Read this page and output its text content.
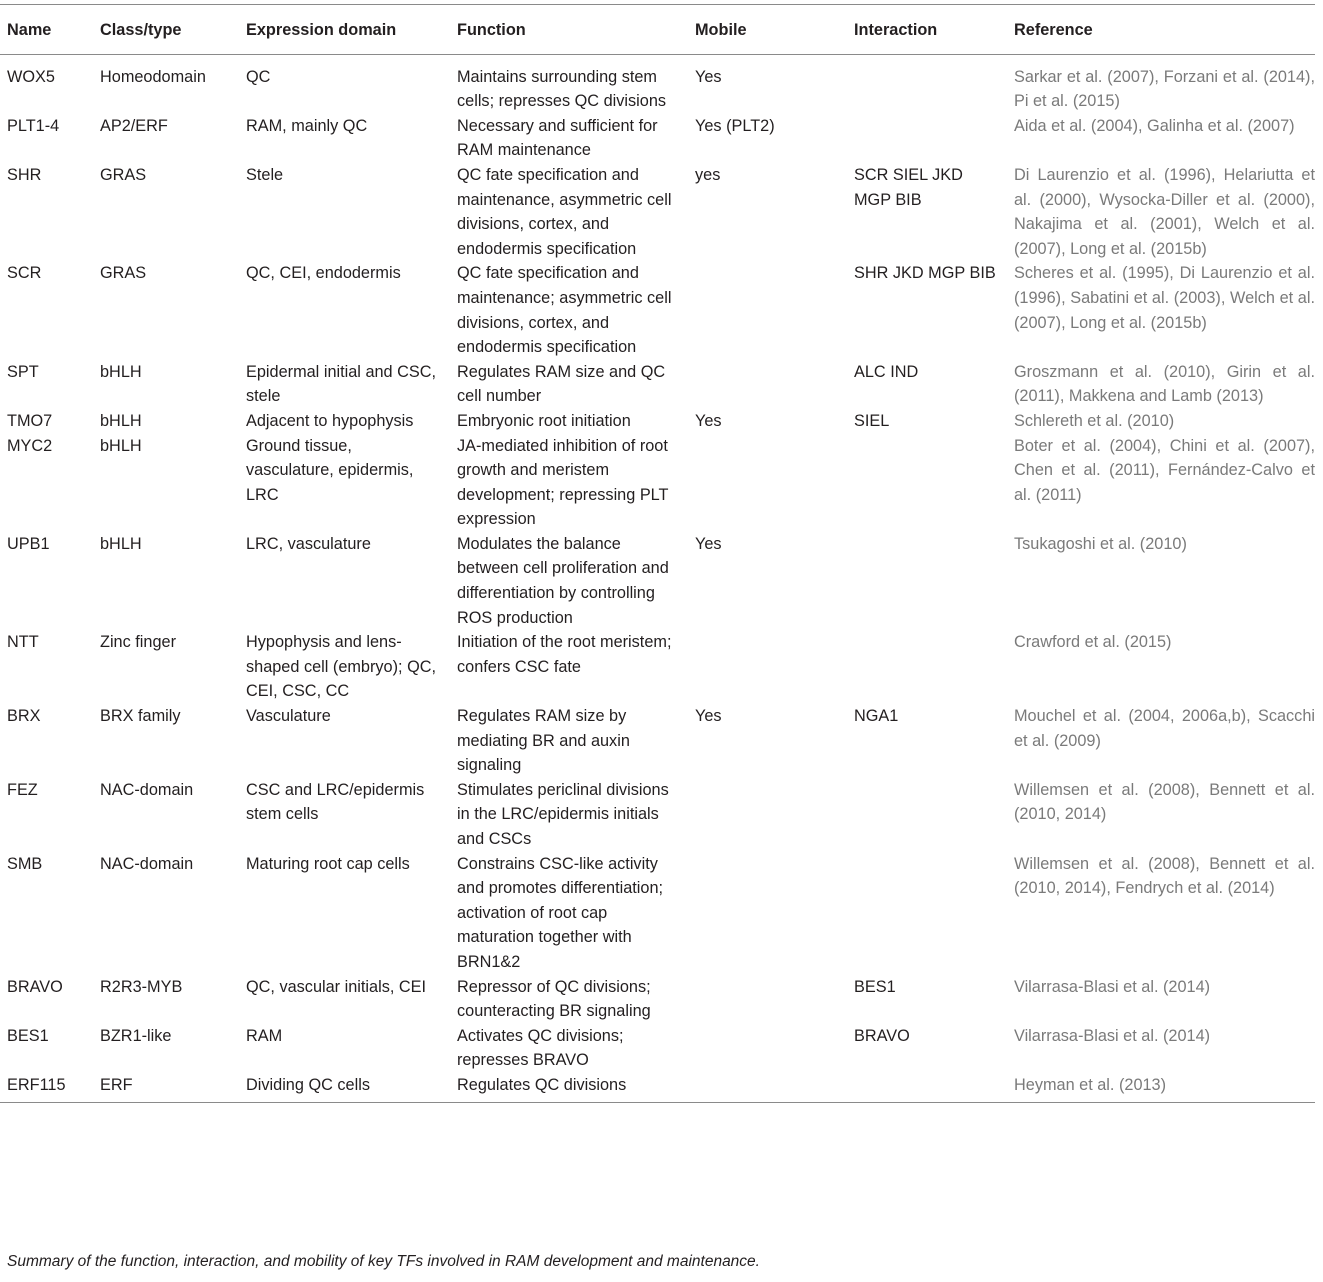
Name	Class/type	Expression domain	Function	Mobile	Interaction	Reference
WOX5	Homeodomain	QC	Maintains surrounding stem cells; represses QC divisions	Yes		Sarkar et al. (2007), Forzani et al. (2014), Pi et al. (2015)
PLT1-4	AP2/ERF	RAM, mainly QC	Necessary and sufficient for RAM maintenance	Yes (PLT2)		Aida et al. (2004), Galinha et al. (2007)
SHR	GRAS	Stele	QC fate specification and maintenance, asymmetric cell divisions, cortex, and endodermis specification	yes	SCR SIEL JKD MGP BIB	Di Laurenzio et al. (1996), Helariutta et al. (2000), Wysocka-Diller et al. (2000), Nakajima et al. (2001), Welch et al. (2007), Long et al. (2015b)
SCR	GRAS	QC, CEI, endodermis	QC fate specification and maintenance; asymmetric cell divisions, cortex, and endodermis specification		SHR JKD MGP BIB	Scheres et al. (1995), Di Laurenzio et al. (1996), Sabatini et al. (2003), Welch et al. (2007), Long et al. (2015b)
SPT	bHLH	Epidermal initial and CSC, stele	Regulates RAM size and QC cell number		ALC IND	Groszmann et al. (2010), Girin et al. (2011), Makkena and Lamb (2013)
TMO7	bHLH	Adjacent to hypophysis	Embryonic root initiation	Yes	SIEL	Schlereth et al. (2010)
MYC2	bHLH	Ground tissue, vasculature, epidermis, LRC	JA-mediated inhibition of root growth and meristem development; repressing PLT expression			Boter et al. (2004), Chini et al. (2007), Chen et al. (2011), Fernández-Calvo et al. (2011)
UPB1	bHLH	LRC, vasculature	Modulates the balance between cell proliferation and differentiation by controlling ROS production	Yes		Tsukagoshi et al. (2010)
NTT	Zinc finger	Hypophysis and lens-shaped cell (embryo); QC, CEI, CSC, CC	Initiation of the root meristem; confers CSC fate			Crawford et al. (2015)
BRX	BRX family	Vasculature	Regulates RAM size by mediating BR and auxin signaling	Yes	NGA1	Mouchel et al. (2004, 2006a,b), Scacchi et al. (2009)
FEZ	NAC-domain	CSC and LRC/epidermis stem cells	Stimulates periclinal divisions in the LRC/epidermis initials and CSCs			Willemsen et al. (2008), Bennett et al. (2010, 2014)
SMB	NAC-domain	Maturing root cap cells	Constrains CSC-like activity and promotes differentiation; activation of root cap maturation together with BRN1&2			Willemsen et al. (2008), Bennett et al. (2010, 2014), Fendrych et al. (2014)
BRAVO	R2R3-MYB	QC, vascular initials, CEI	Repressor of QC divisions; counteracting BR signaling		BES1	Vilarrasa-Blasi et al. (2014)
BES1	BZR1-like	RAM	Activates QC divisions; represses BRAVO		BRAVO	Vilarrasa-Blasi et al. (2014)
ERF115	ERF	Dividing QC cells	Regulates QC divisions			Heyman et al. (2013)
Summary of the function, interaction, and mobility of key TFs involved in RAM development and maintenance.
